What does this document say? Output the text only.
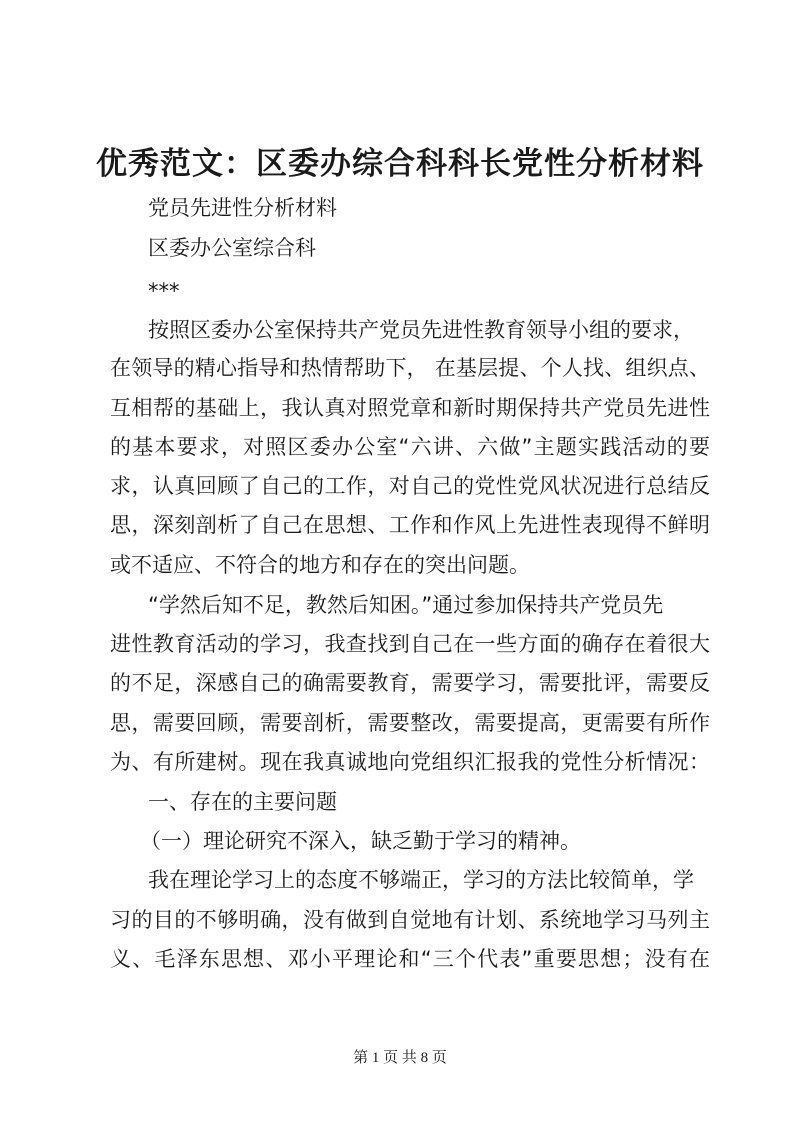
优秀范文：区委办综合科科长党性分析材料
党员先进性分析材料
区委办公室综合科
***
按照区委办公室保持共产党员先进性教育领导小组的要求，
在领导的精心指导和热情帮助下， 在基层提、个人找、组织点、
互相帮的基础上，我认真对照党章和新时期保持共产党员先进性
的基本要求，对照区委办公室“六讲、六做”主题实践活动的要
求，认真回顾了自己的工作，对自己的党性党风状况进行总结反
思，深刻剖析了自己在思想、工作和作风上先进性表现得不鲜明
或不适应、不符合的地方和存在的突出问题。
“学然后知不足，教然后知困。”通过参加保持共产党员先
进性教育活动的学习，我查找到自己在一些方面的确存在着很大
的不足，深感自己的确需要教育，需要学习，需要批评，需要反
思，需要回顾，需要剖析，需要整改，需要提高，更需要有所作
为、有所建树。现在我真诚地向党组织汇报我的党性分析情况：
一、存在的主要问题
（一）理论研究不深入，缺乏勤于学习的精神。
我在理论学习上的态度不够端正，学习的方法比较简单，学
习的目的不够明确，没有做到自觉地有计划、系统地学习马列主
义、毛泽东思想、邓小平理论和“三个代表”重要思想；没有在
第 1 页 共 8 页
